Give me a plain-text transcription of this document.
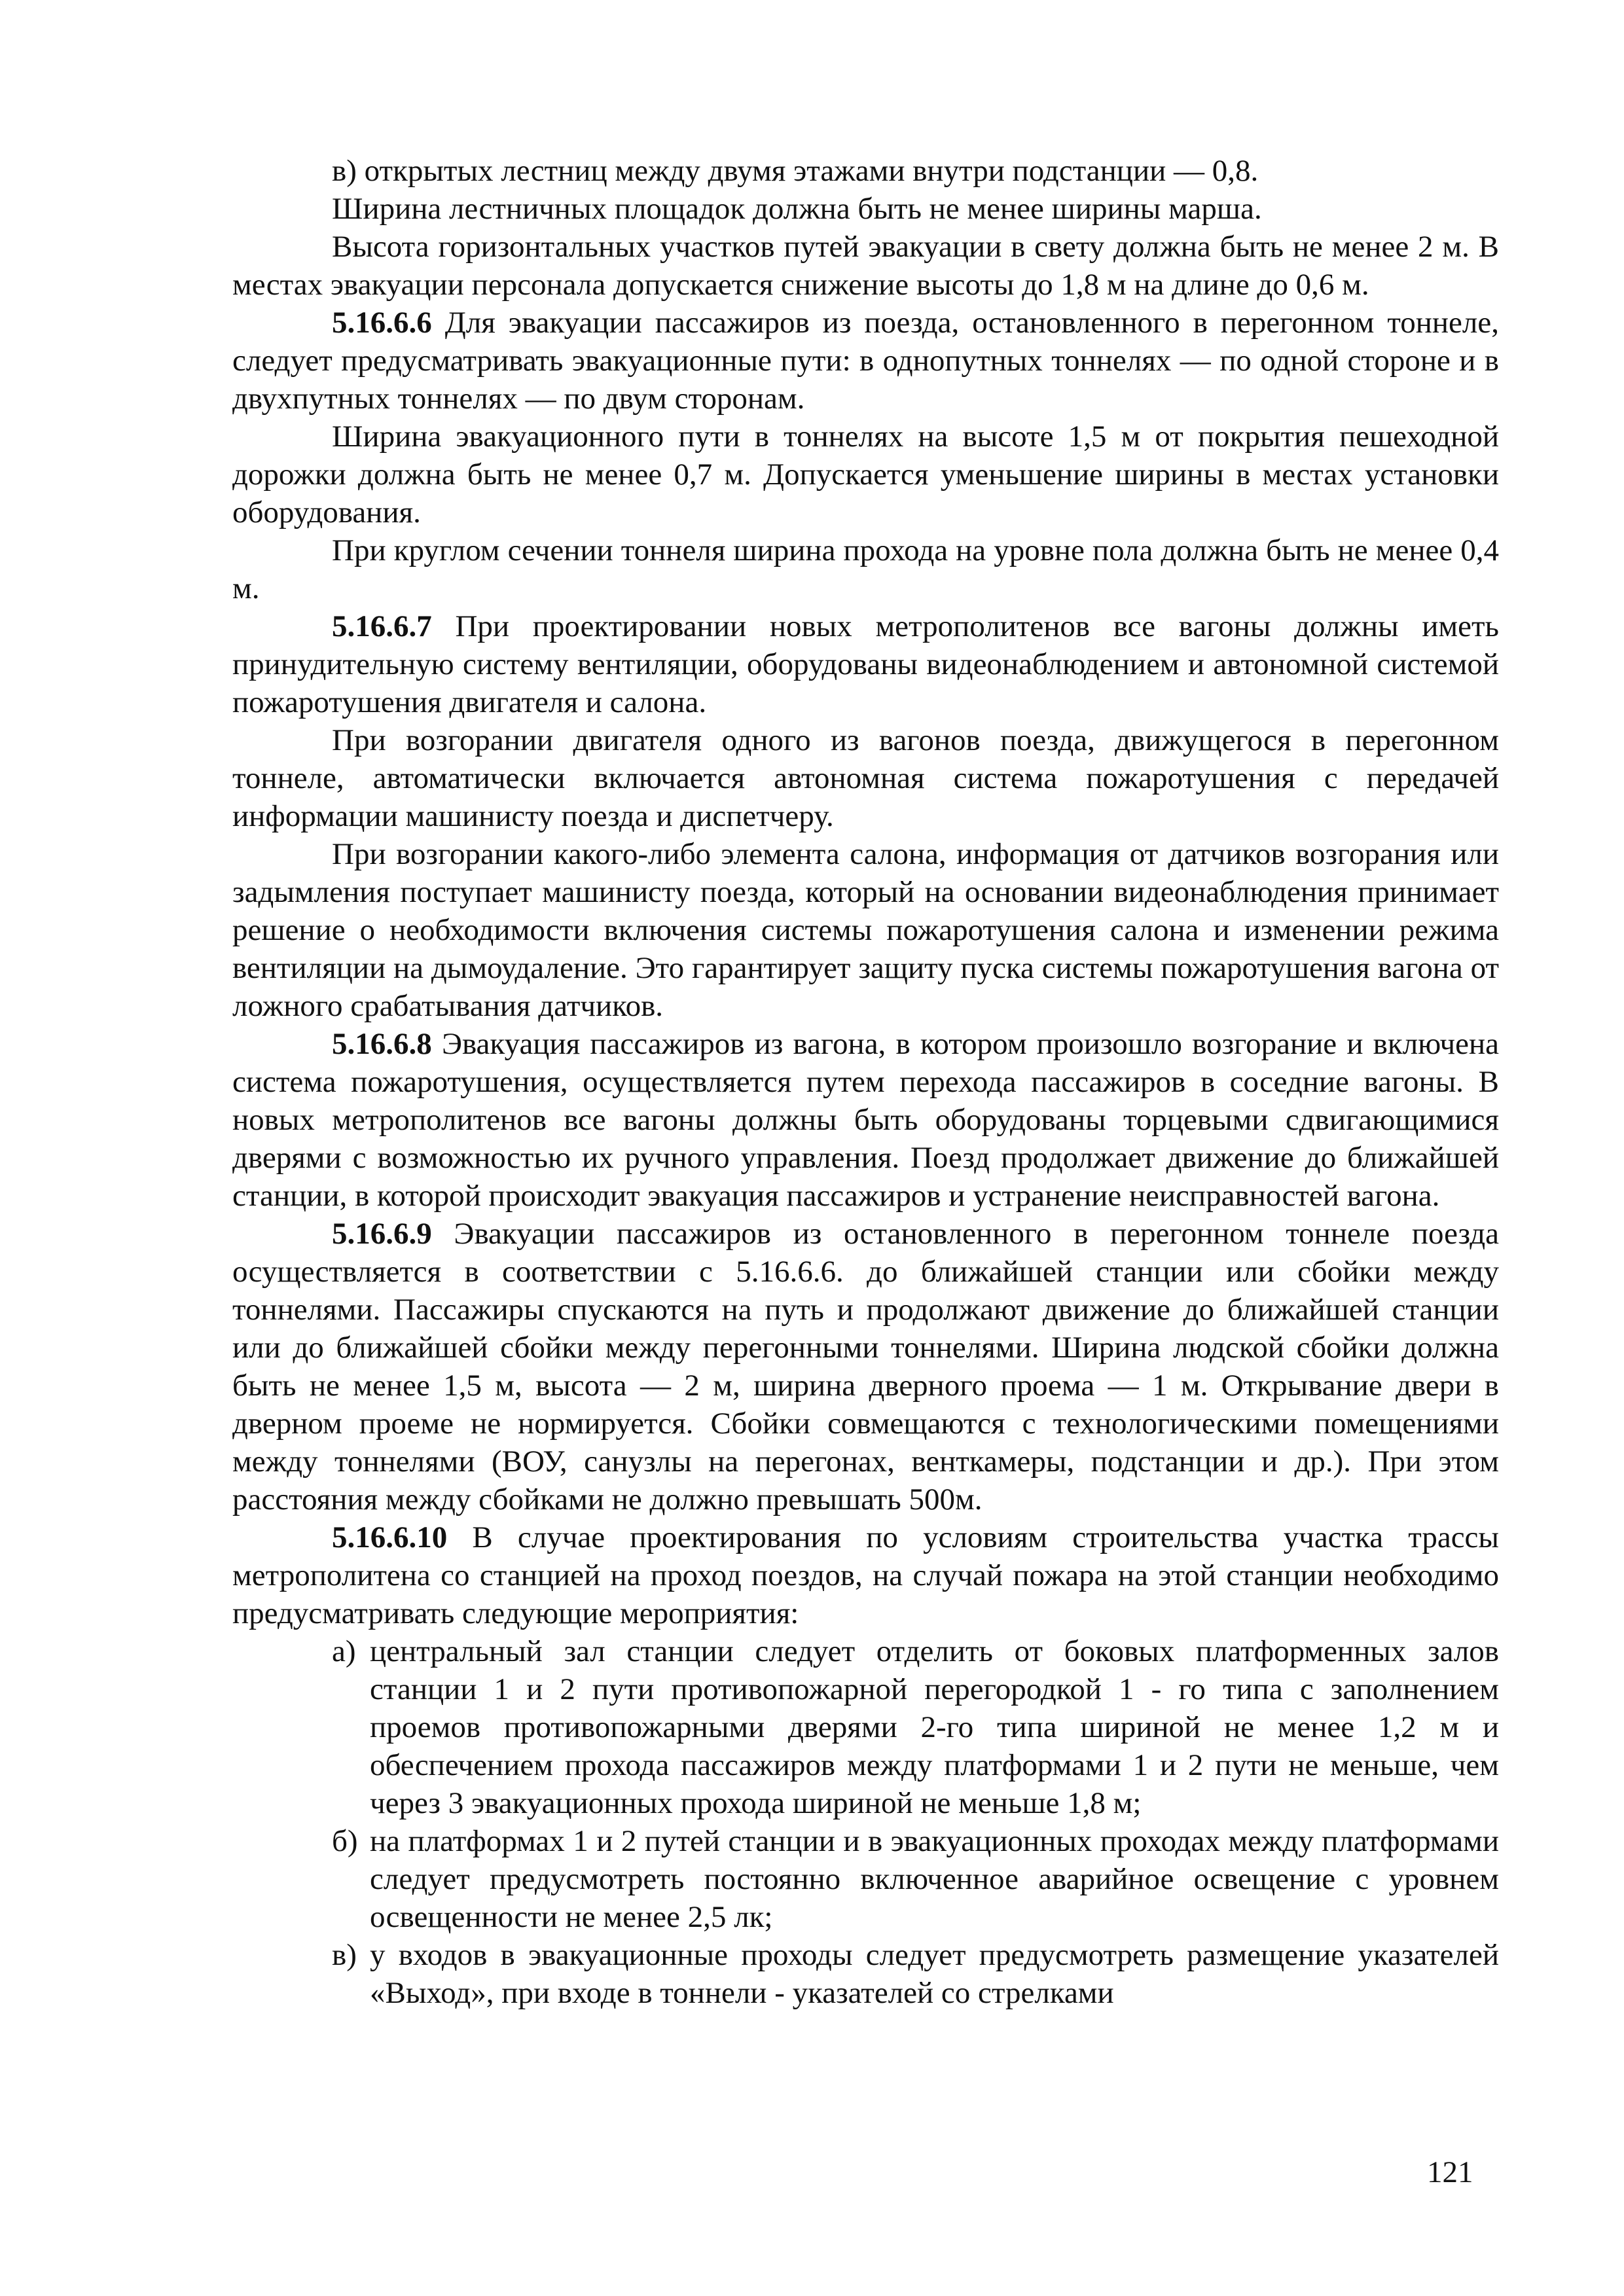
в) открытых лестниц между двумя этажами внутри подстанции — 0,8.

Ширина лестничных площадок должна быть не менее ширины марша.

Высота горизонтальных участков путей эвакуации в свету должна быть не менее 2 м. В местах эвакуации персонала допускается снижение высоты до 1,8 м на длине до 0,6 м.

5.16.6.6 Для эвакуации пассажиров из поезда, остановленного в перегонном тоннеле, следует предусматривать эвакуационные пути: в однопутных тоннелях — по одной стороне и в двухпутных тоннелях — по двум сторонам.

Ширина эвакуационного пути в тоннелях на высоте 1,5 м от покрытия пешеходной дорожки должна быть не менее 0,7 м. Допускается уменьшение ширины в местах установки оборудования.

При круглом сечении тоннеля ширина прохода на уровне пола должна быть не менее 0,4 м.

5.16.6.7 При проектировании новых метрополитенов все вагоны должны иметь принудительную систему вентиляции, оборудованы видеонаблюдением и автономной системой пожаротушения двигателя и салона.

При возгорании двигателя одного из вагонов поезда, движущегося в перегонном тоннеле, автоматически включается автономная система пожаротушения с передачей информации машинисту поезда и диспетчеру.

При возгорании какого-либо элемента салона, информация от датчиков возгорания или задымления поступает машинисту поезда, который на основании видеонаблюдения принимает решение о необходимости включения системы пожаротушения салона и изменении режима вентиляции на дымоудаление. Это гарантирует защиту пуска системы пожаротушения вагона от ложного срабатывания датчиков.

5.16.6.8 Эвакуация пассажиров из вагона, в котором произошло возгорание и включена система пожаротушения, осуществляется путем перехода пассажиров в соседние вагоны. В новых метрополитенов все вагоны должны быть оборудованы торцевыми сдвигающимися дверями с возможностью их ручного управления. Поезд продолжает движение до ближайшей станции, в которой происходит эвакуация пассажиров и устранение неисправностей вагона.

5.16.6.9 Эвакуации пассажиров из остановленного в перегонном тоннеле поезда осуществляется в соответствии с 5.16.6.6. до ближайшей станции или сбойки между тоннелями. Пассажиры спускаются на путь и продолжают движение до ближайшей станции или до ближайшей сбойки между перегонными тоннелями. Ширина людской сбойки должна быть не менее 1,5 м, высота — 2 м, ширина дверного проема — 1 м. Открывание двери в дверном проеме не нормируется. Сбойки совмещаются с технологическими помещениями между тоннелями (ВОУ, санузлы на перегонах, венткамеры, подстанции и др.). При этом расстояния между сбойками не должно превышать 500м.

5.16.6.10 В случае проектирования по условиям строительства участка трассы метрополитена со станцией на проход поездов, на случай пожара на этой станции необходимо предусматривать следующие мероприятия:

а) центральный зал станции следует отделить от боковых платформенных залов станции 1 и 2 пути противопожарной перегородкой 1 - го типа с заполнением проемов противопожарными дверями 2-го типа шириной не менее 1,2 м и обеспечением прохода пассажиров между платформами 1 и 2 пути не меньше, чем через 3 эвакуационных прохода шириной не меньше 1,8 м;
б) на платформах 1 и 2 путей станции и в эвакуационных проходах между платформами следует предусмотреть постоянно включенное аварийное освещение с уровнем освещенности не менее 2,5 лк;
в) у входов в эвакуационные проходы следует предусмотреть размещение указателей «Выход», при входе в тоннели - указателей со стрелками
121
